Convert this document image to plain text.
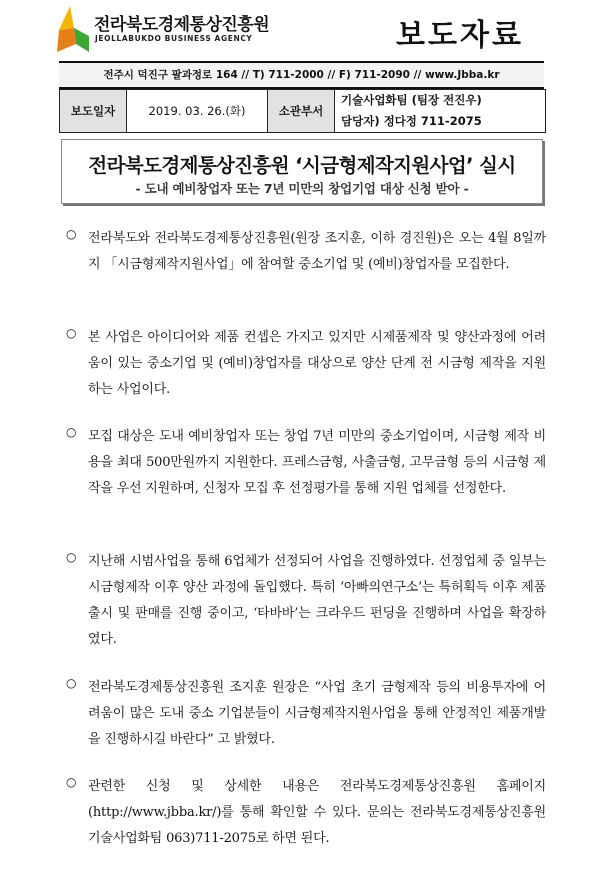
전라북도경제통상진흥원
JEOLLABUKDO BUSINESS AGENCY	보도자료
전주시 덕진구 팔과정로 164 // T) 711-2000 // F) 711-2090 // www.Jbba.kr
보도일자	2019. 03. 26.(화)	소관부서	
기술사업화팀 (팀장 전진우)
담당자) 정다정 711-2075
전라북도경제통상진흥원 ‘시금형제작지원사업’ 실시
- 도내 예비창업자 또는 7년 미만의 창업기업 대상 신청 받아 -
○ 전라북도와 전라북도경제통상진흥원(원장 조지훈, 이하 경진원)은 오는 4월 8일까지 「시금형제작지원사업」에 참여할 중소기업 및 (예비)창업자를 모집한다.
○ 본 사업은 아이디어와 제품 컨셉은 가지고 있지만 시제품제작 및 양산과정에 어려움이 있는 중소기업 및 (예비)창업자를 대상으로 양산 단계 전 시금형 제작을 지원하는 사업이다.
○ 모집 대상은 도내 예비창업자 또는 창업 7년 미만의 중소기업이며, 시금형 제작 비용을 최대 500만원까지 지원한다. 프레스금형, 사출금형, 고무금형 등의 시금형 제작을 우선 지원하며, 신청자 모집 후 선정평가를 통해 지원 업체를 선정한다.
○ 지난해 시범사업을 통해 6업체가 선정되어 사업을 진행하였다. 선정업체 중 일부는 시금형제작 이후 양산 과정에 돌입했다. 특히 ‘아빠의연구소’는 특허획득 이후 제품출시 및 판매를 진행 중이고, ‘타바바’는 크라우드 펀딩을 진행하며 사업을 확장하였다.
○ 전라북도경제통상진흥원 조지훈 원장은 “사업 초기 금형제작 등의 비용투자에 어려움이 많은 도내 중소 기업분들이 시금형제작지원사업을 통해 안정적인 제품개발을 진행하시길 바란다” 고 밝혔다.
○ 관련한 신청 및 상세한 내용은 전라북도경제통상진흥원 홈페이지(http://www.jbba.kr/)를 통해 확인할 수 있다. 문의는 전라북도경제통상진흥원 기술사업화팀 063)711-2075로 하면 된다.
